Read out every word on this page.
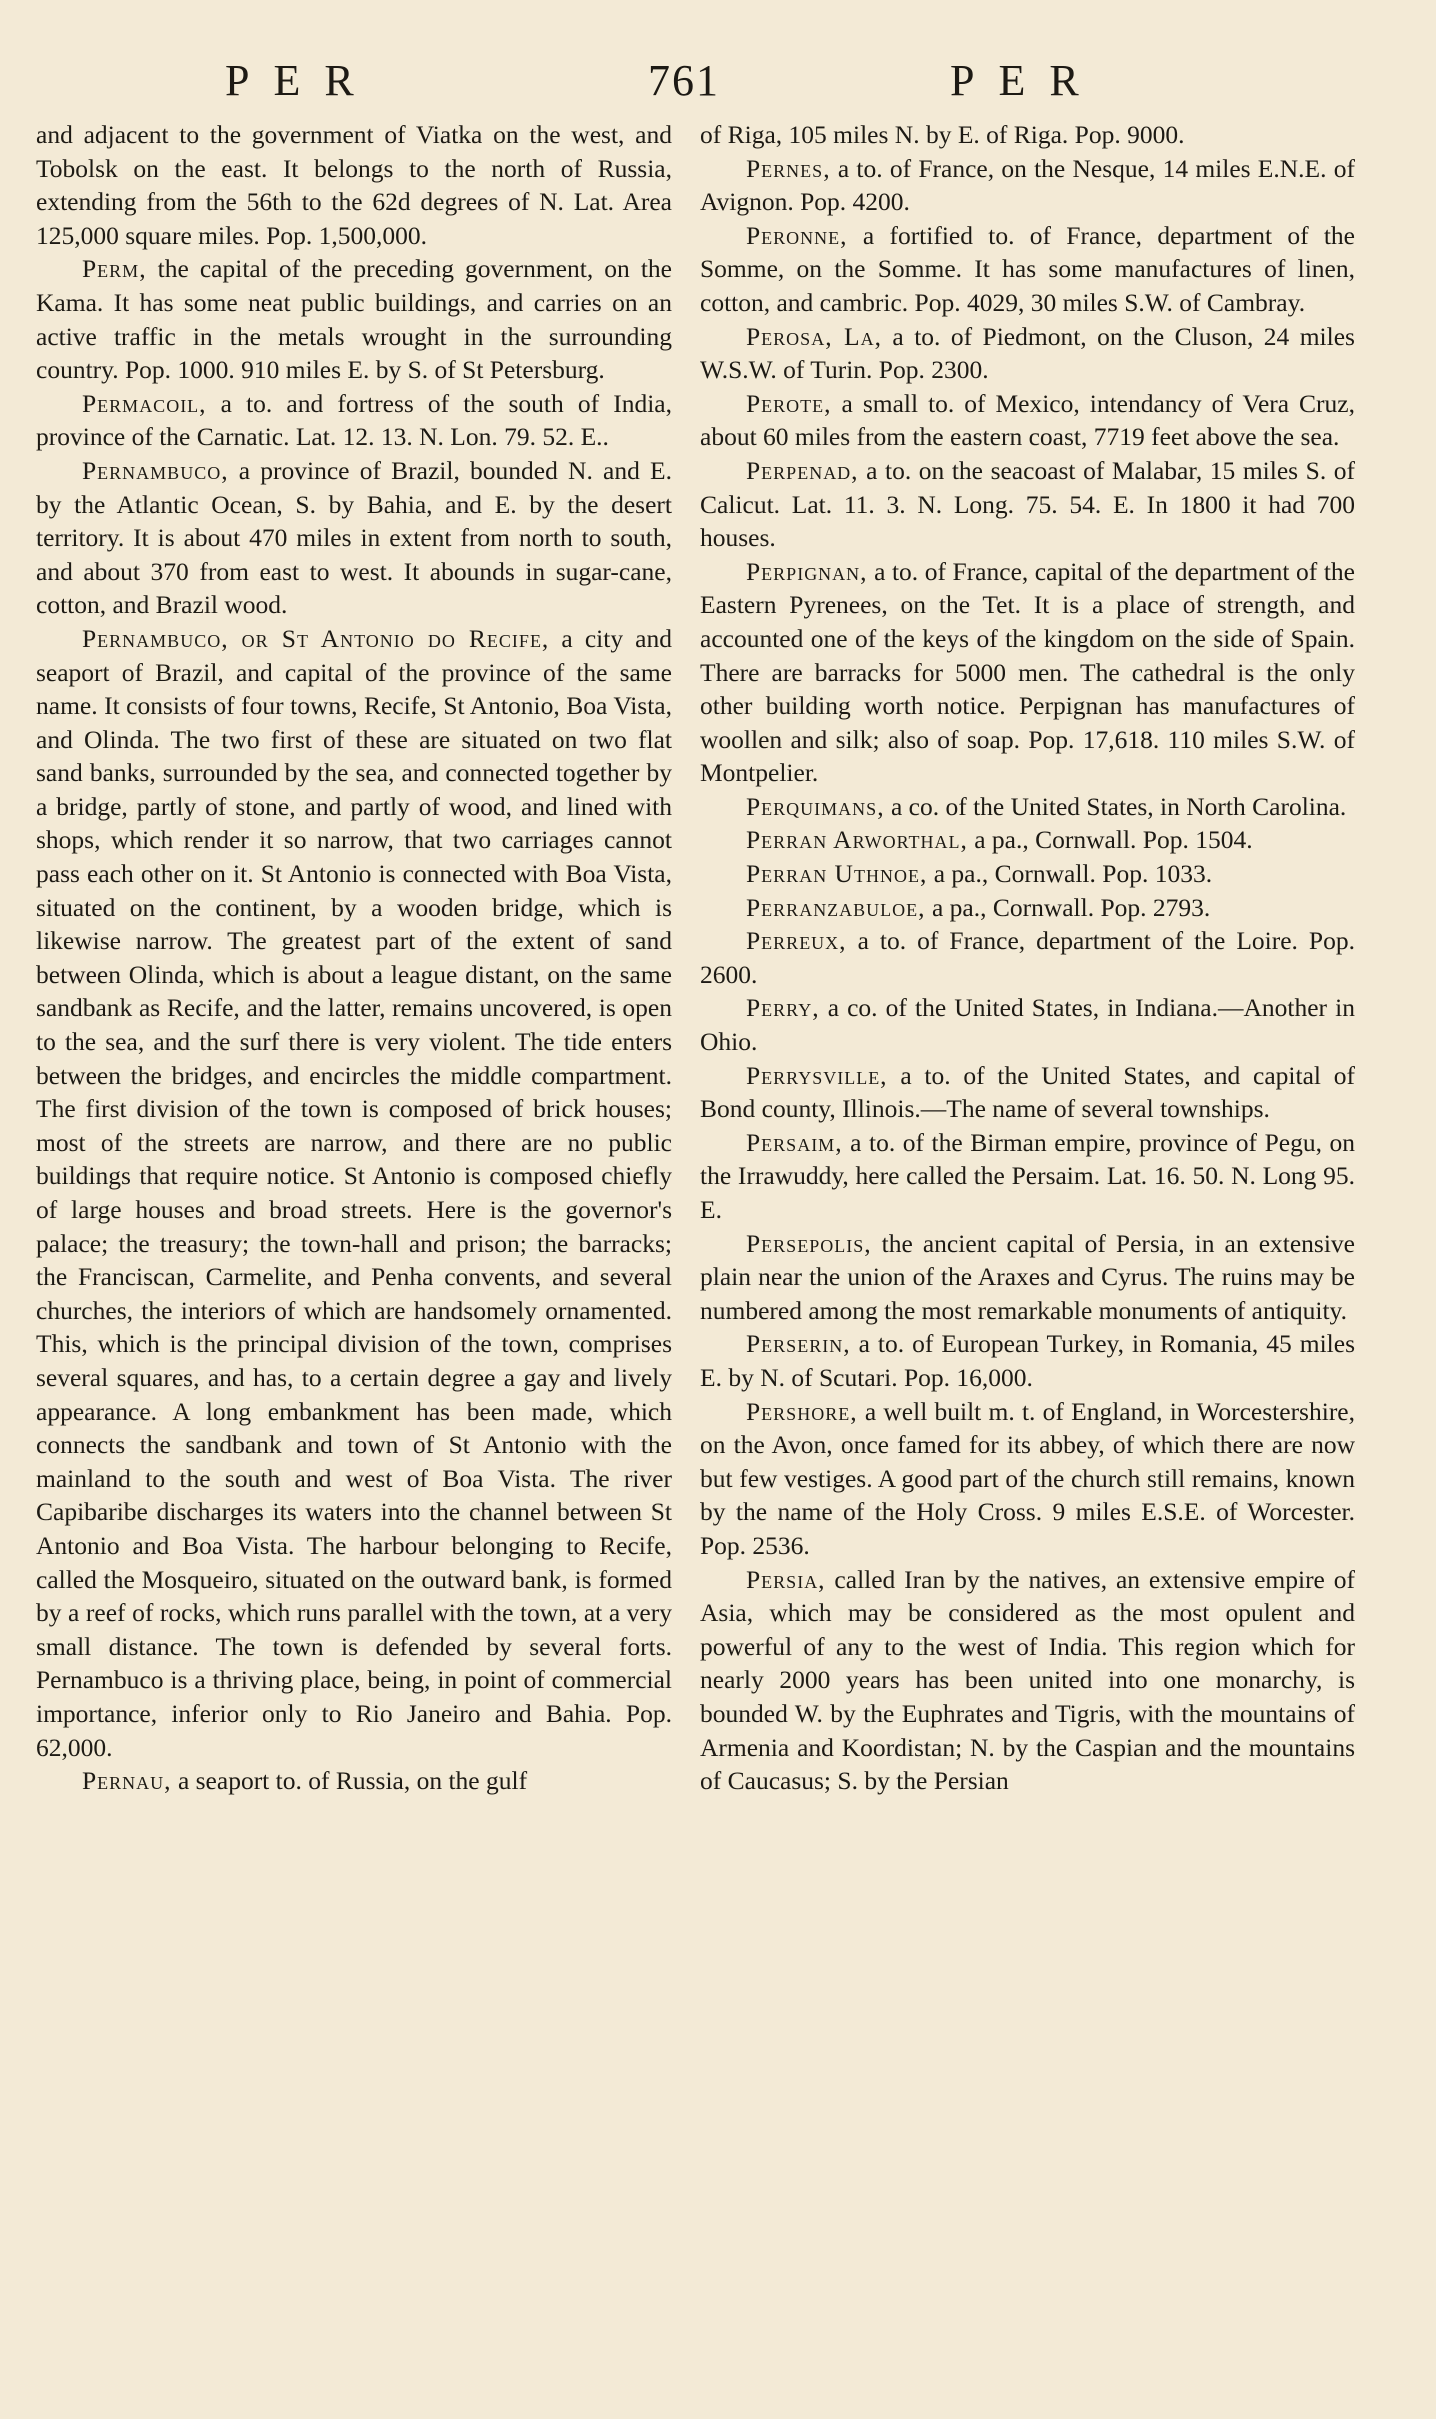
PER	761	PER

and adjacent to the government of Viatka on the west, and Tobolsk on the east. It belongs to the north of Russia, extending from the 56th to the 62d degrees of N. Lat. Area 125,000 square miles. Pop. 1,500,000.

Perm, the capital of the preceding government, on the Kama. It has some neat public buildings, and carries on an active traffic in the metals wrought in the surrounding country. Pop. 1000. 910 miles E. by S. of St Petersburg.

Permacoil, a to. and fortress of the south of India, province of the Carnatic. Lat. 12. 13. N. Lon. 79. 52. E..

Pernambuco, a province of Brazil, bounded N. and E. by the Atlantic Ocean, S. by Bahia, and E. by the desert territory. It is about 470 miles in extent from north to south, and about 370 from east to west. It abounds in sugar-cane, cotton, and Brazil wood.

Pernambuco, or St Antonio do Recife, a city and seaport of Brazil, and capital of the province of the same name. It consists of four towns, Recife, St Antonio, Boa Vista, and Olinda. The two first of these are situated on two flat sand banks, surrounded by the sea, and connected together by a bridge, partly of stone, and partly of wood, and lined with shops, which render it so narrow, that two carriages cannot pass each other on it. St Antonio is connected with Boa Vista, situated on the continent, by a wooden bridge, which is likewise narrow. The greatest part of the extent of sand between Olinda, which is about a league distant, on the same sandbank as Recife, and the latter, remains uncovered, is open to the sea, and the surf there is very violent. The tide enters between the bridges, and encircles the middle compartment. The first division of the town is composed of brick houses; most of the streets are narrow, and there are no public buildings that require notice. St Antonio is composed chiefly of large houses and broad streets. Here is the governor's palace; the treasury; the town-hall and prison; the barracks; the Franciscan, Carmelite, and Penha convents, and several churches, the interiors of which are handsomely ornamented. This, which is the principal division of the town, comprises several squares, and has, to a certain degree a gay and lively appearance. A long embankment has been made, which connects the sandbank and town of St Antonio with the mainland to the south and west of Boa Vista. The river Capibaribe discharges its waters into the channel between St Antonio and Boa Vista. The harbour belonging to Recife, called the Mosqueiro, situated on the outward bank, is formed by a reef of rocks, which runs parallel with the town, at a very small distance. The town is defended by several forts. Pernambuco is a thriving place, being, in point of commercial importance, inferior only to Rio Janeiro and Bahia. Pop. 62,000.

Pernau, a seaport to. of Russia, on the gulf

of Riga, 105 miles N. by E. of Riga. Pop. 9000.

Pernes, a to. of France, on the Nesque, 14 miles E.N.E. of Avignon. Pop. 4200.

Peronne, a fortified to. of France, department of the Somme, on the Somme. It has some manufactures of linen, cotton, and cambric. Pop. 4029, 30 miles S.W. of Cambray.

Perosa, La, a to. of Piedmont, on the Cluson, 24 miles W.S.W. of Turin. Pop. 2300.

Perote, a small to. of Mexico, intendancy of Vera Cruz, about 60 miles from the eastern coast, 7719 feet above the sea.

Perpenad, a to. on the seacoast of Malabar, 15 miles S. of Calicut. Lat. 11. 3. N. Long. 75. 54. E. In 1800 it had 700 houses.

Perpignan, a to. of France, capital of the department of the Eastern Pyrenees, on the Tet. It is a place of strength, and accounted one of the keys of the kingdom on the side of Spain. There are barracks for 5000 men. The cathedral is the only other building worth notice. Perpignan has manufactures of woollen and silk; also of soap. Pop. 17,618. 110 miles S.W. of Montpelier.

Perquimans, a co. of the United States, in North Carolina.

Perran Arworthal, a pa., Cornwall. Pop. 1504.

Perran Uthnoe, a pa., Cornwall. Pop. 1033.

Perranzabuloe, a pa., Cornwall. Pop. 2793.

Perreux, a to. of France, department of the Loire. Pop. 2600.

Perry, a co. of the United States, in Indiana.—Another in Ohio.

Perrysville, a to. of the United States, and capital of Bond county, Illinois.—The name of several townships.

Persaim, a to. of the Birman empire, province of Pegu, on the Irrawuddy, here called the Persaim. Lat. 16. 50. N. Long 95. E.

Persepolis, the ancient capital of Persia, in an extensive plain near the union of the Araxes and Cyrus. The ruins may be numbered among the most remarkable monuments of antiquity.

Perserin, a to. of European Turkey, in Romania, 45 miles E. by N. of Scutari. Pop. 16,000.

Pershore, a well built m. t. of England, in Worcestershire, on the Avon, once famed for its abbey, of which there are now but few vestiges. A good part of the church still remains, known by the name of the Holy Cross. 9 miles E.S.E. of Worcester. Pop. 2536.

Persia, called Iran by the natives, an extensive empire of Asia, which may be considered as the most opulent and powerful of any to the west of India. This region which for nearly 2000 years has been united into one monarchy, is bounded W. by the Euphrates and Tigris, with the mountains of Armenia and Koordistan; N. by the Caspian and the mountains of Caucasus; S. by the Persian
